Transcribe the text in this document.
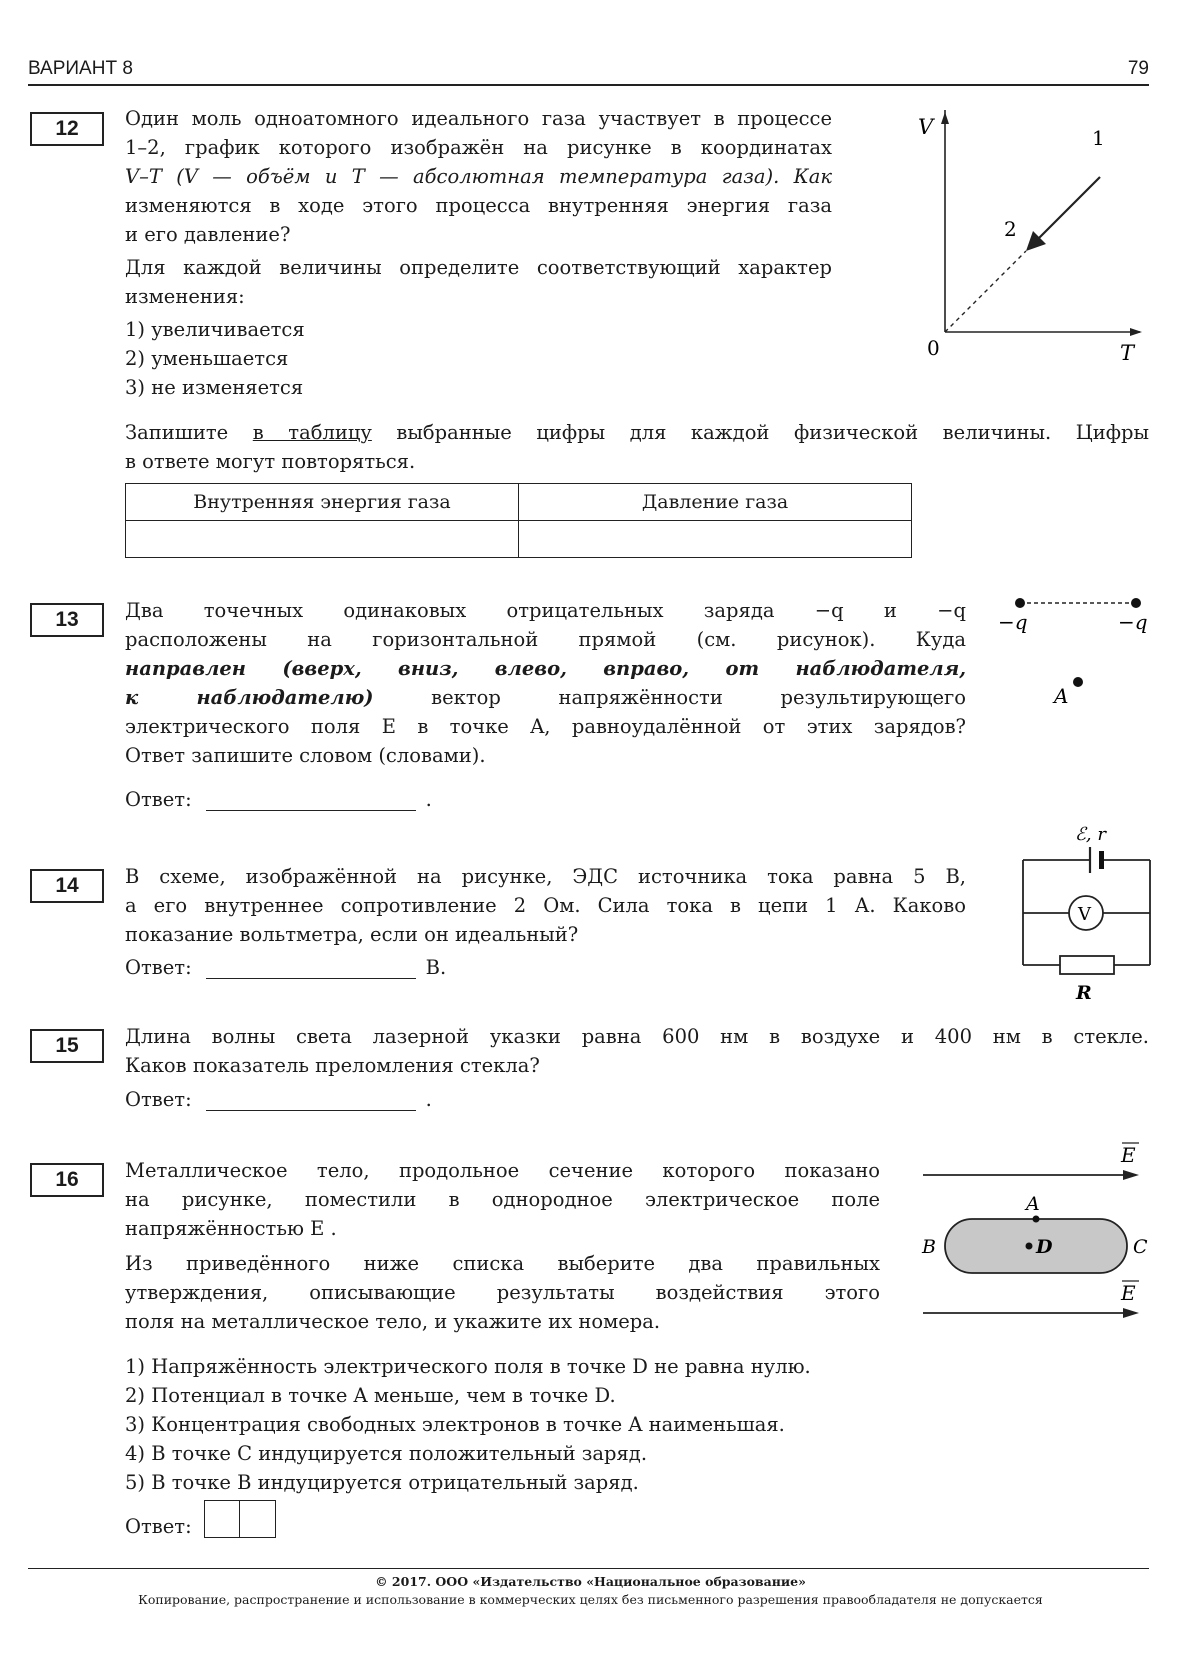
ВАРИАНТ 8	79
12	Один моль одноатомного идеального газа участвует в процессе

1–2, график которого изображён на рисунке в координатах

V–T (V — объём и T — абсолютная температура газа). Как

изменяются в ходе этого процесса внутренняя энергия газа

и его давление?

Для каждой величины определите соответствующий характер

изменения:

1) увеличивается
2) уменьшается
3) не изменяется

Запишите в таблицу выбранные цифры для каждой физической величины. Цифры

в ответе могут повторяться.

Внутренняя энергия газа	Давление газа

V
T
0
1
2
13	Два точечных одинаковых отрицательных заряда −q и −q

расположены на горизонтальной прямой (см. рисунок). Куда

направлен (вверх, вниз, влево, вправо, от наблюдателя,

к наблюдателю) вектор напряжённости результирующего

электрического поля E в точке A, равноудалённой от этих зарядов?

Ответ запишите словом (словами).

Ответ:	.
−q	−q
A
14	В схеме, изображённой на рисунке, ЭДС источника тока равна 5 В,

а его внутреннее сопротивление 2 Ом. Сила тока в цепи 1 А. Каково

показание вольтметра, если он идеальный?

Ответ:	В.
V
ℰ, r
R
15	Длина волны света лазерной указки равна 600 нм в воздухе и 400 нм в стекле.

Каков показатель преломления стекла?

Ответ:	.
16	Металлическое тело, продольное сечение которого показано

на рисунке, поместили в однородное электрическое поле

напряжённостью E .

Из приведённого ниже списка выберите два правильных

утверждения, описывающие результаты воздействия этого

поля на металлическое тело, и укажите их номера.

1) Напряжённость электрического поля в точке D не равна нулю.
2) Потенциал в точке A меньше, чем в точке D.
3) Концентрация свободных электронов в точке A наименьшая.
4) В точке C индуцируется положительный заряд.
5) В точке B индуцируется отрицательный заряд.
Ответ:
E
E
A
D
B	C
© 2017. ООО «Издательство «Национальное образование»
Копирование, распространение и использование в коммерческих целях без письменного разрешения правообладателя не допускается
